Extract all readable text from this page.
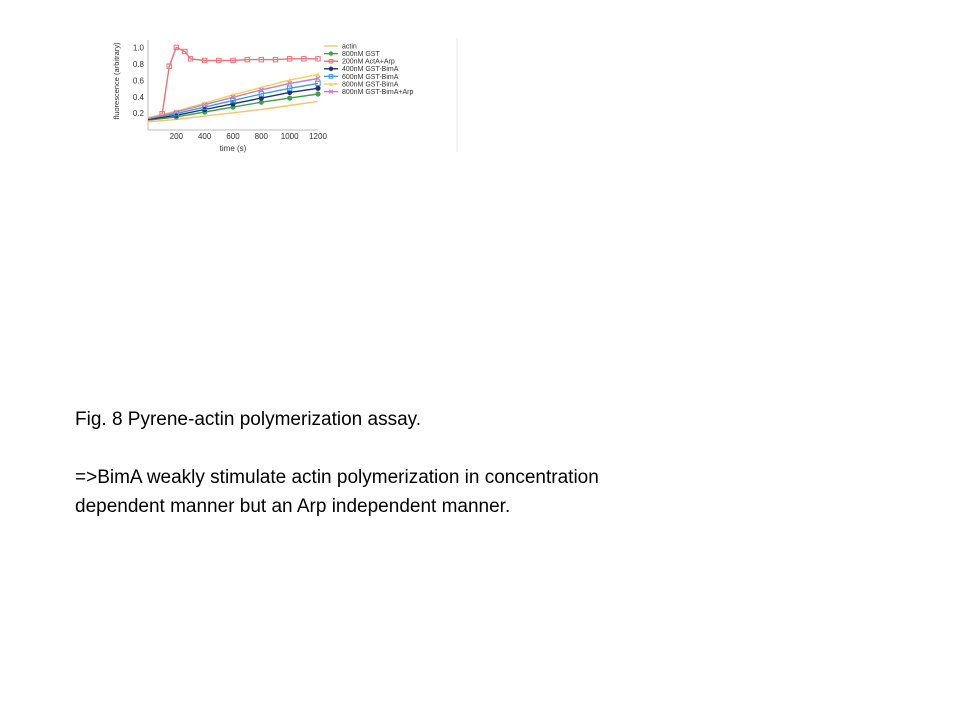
fluorescence (arbitrary)
time (s)
0.2
0.4
0.6
0.8
1.0
200 400 600 800 1000 1200
actin
800nM GST
200nM ActA+Arp
400nM GST-BimA
600nM GST-BimA
800nM GST-BimA
800nM GST-BimA+Arp

Fig. 8 Pyrene-actin polymerization assay.

=>BimA weakly stimulate actin polymerization in concentration

dependent manner but an Arp independent manner.
